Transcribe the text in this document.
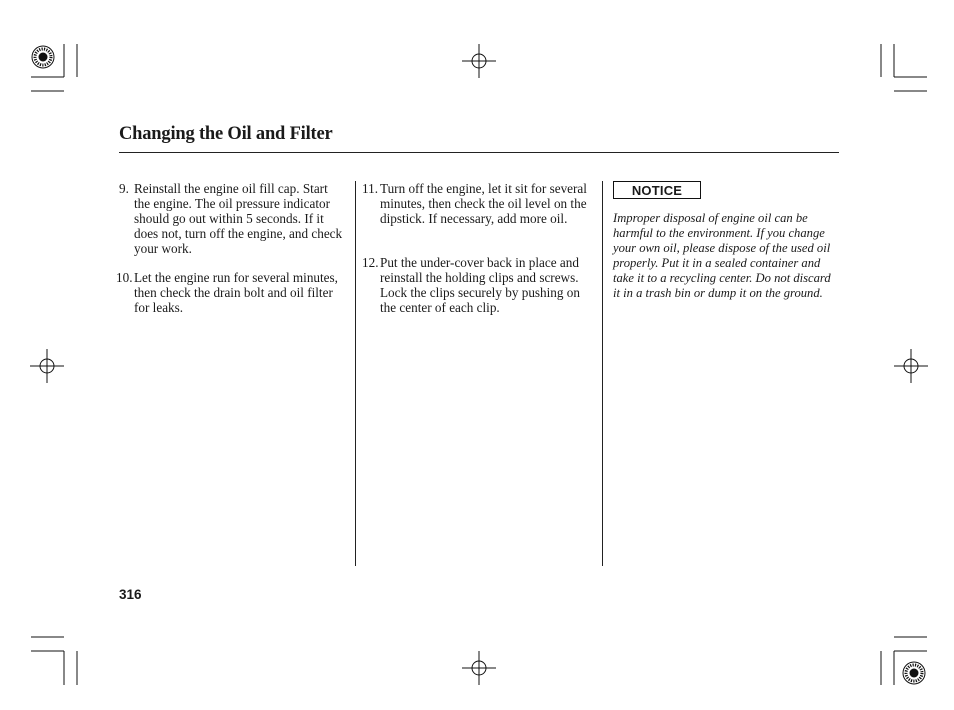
Changing the Oil and Filter
9. Reinstall the engine oil fill cap. Start the engine. The oil pressure indicator should go out within 5 seconds. If it does not, turn off the engine, and check your work.
10. Let the engine run for several minutes, then check the drain bolt and oil filter for leaks.
11. Turn off the engine, let it sit for several minutes, then check the oil level on the dipstick. If necessary, add more oil.
12. Put the under-cover back in place and reinstall the holding clips and screws. Lock the clips securely by pushing on the center of each clip.
NOTICE
Improper disposal of engine oil can be harmful to the environment. If you change your own oil, please dispose of the used oil properly. Put it in a sealed container and take it to a recycling center. Do not discard it in a trash bin or dump it on the ground.
316
